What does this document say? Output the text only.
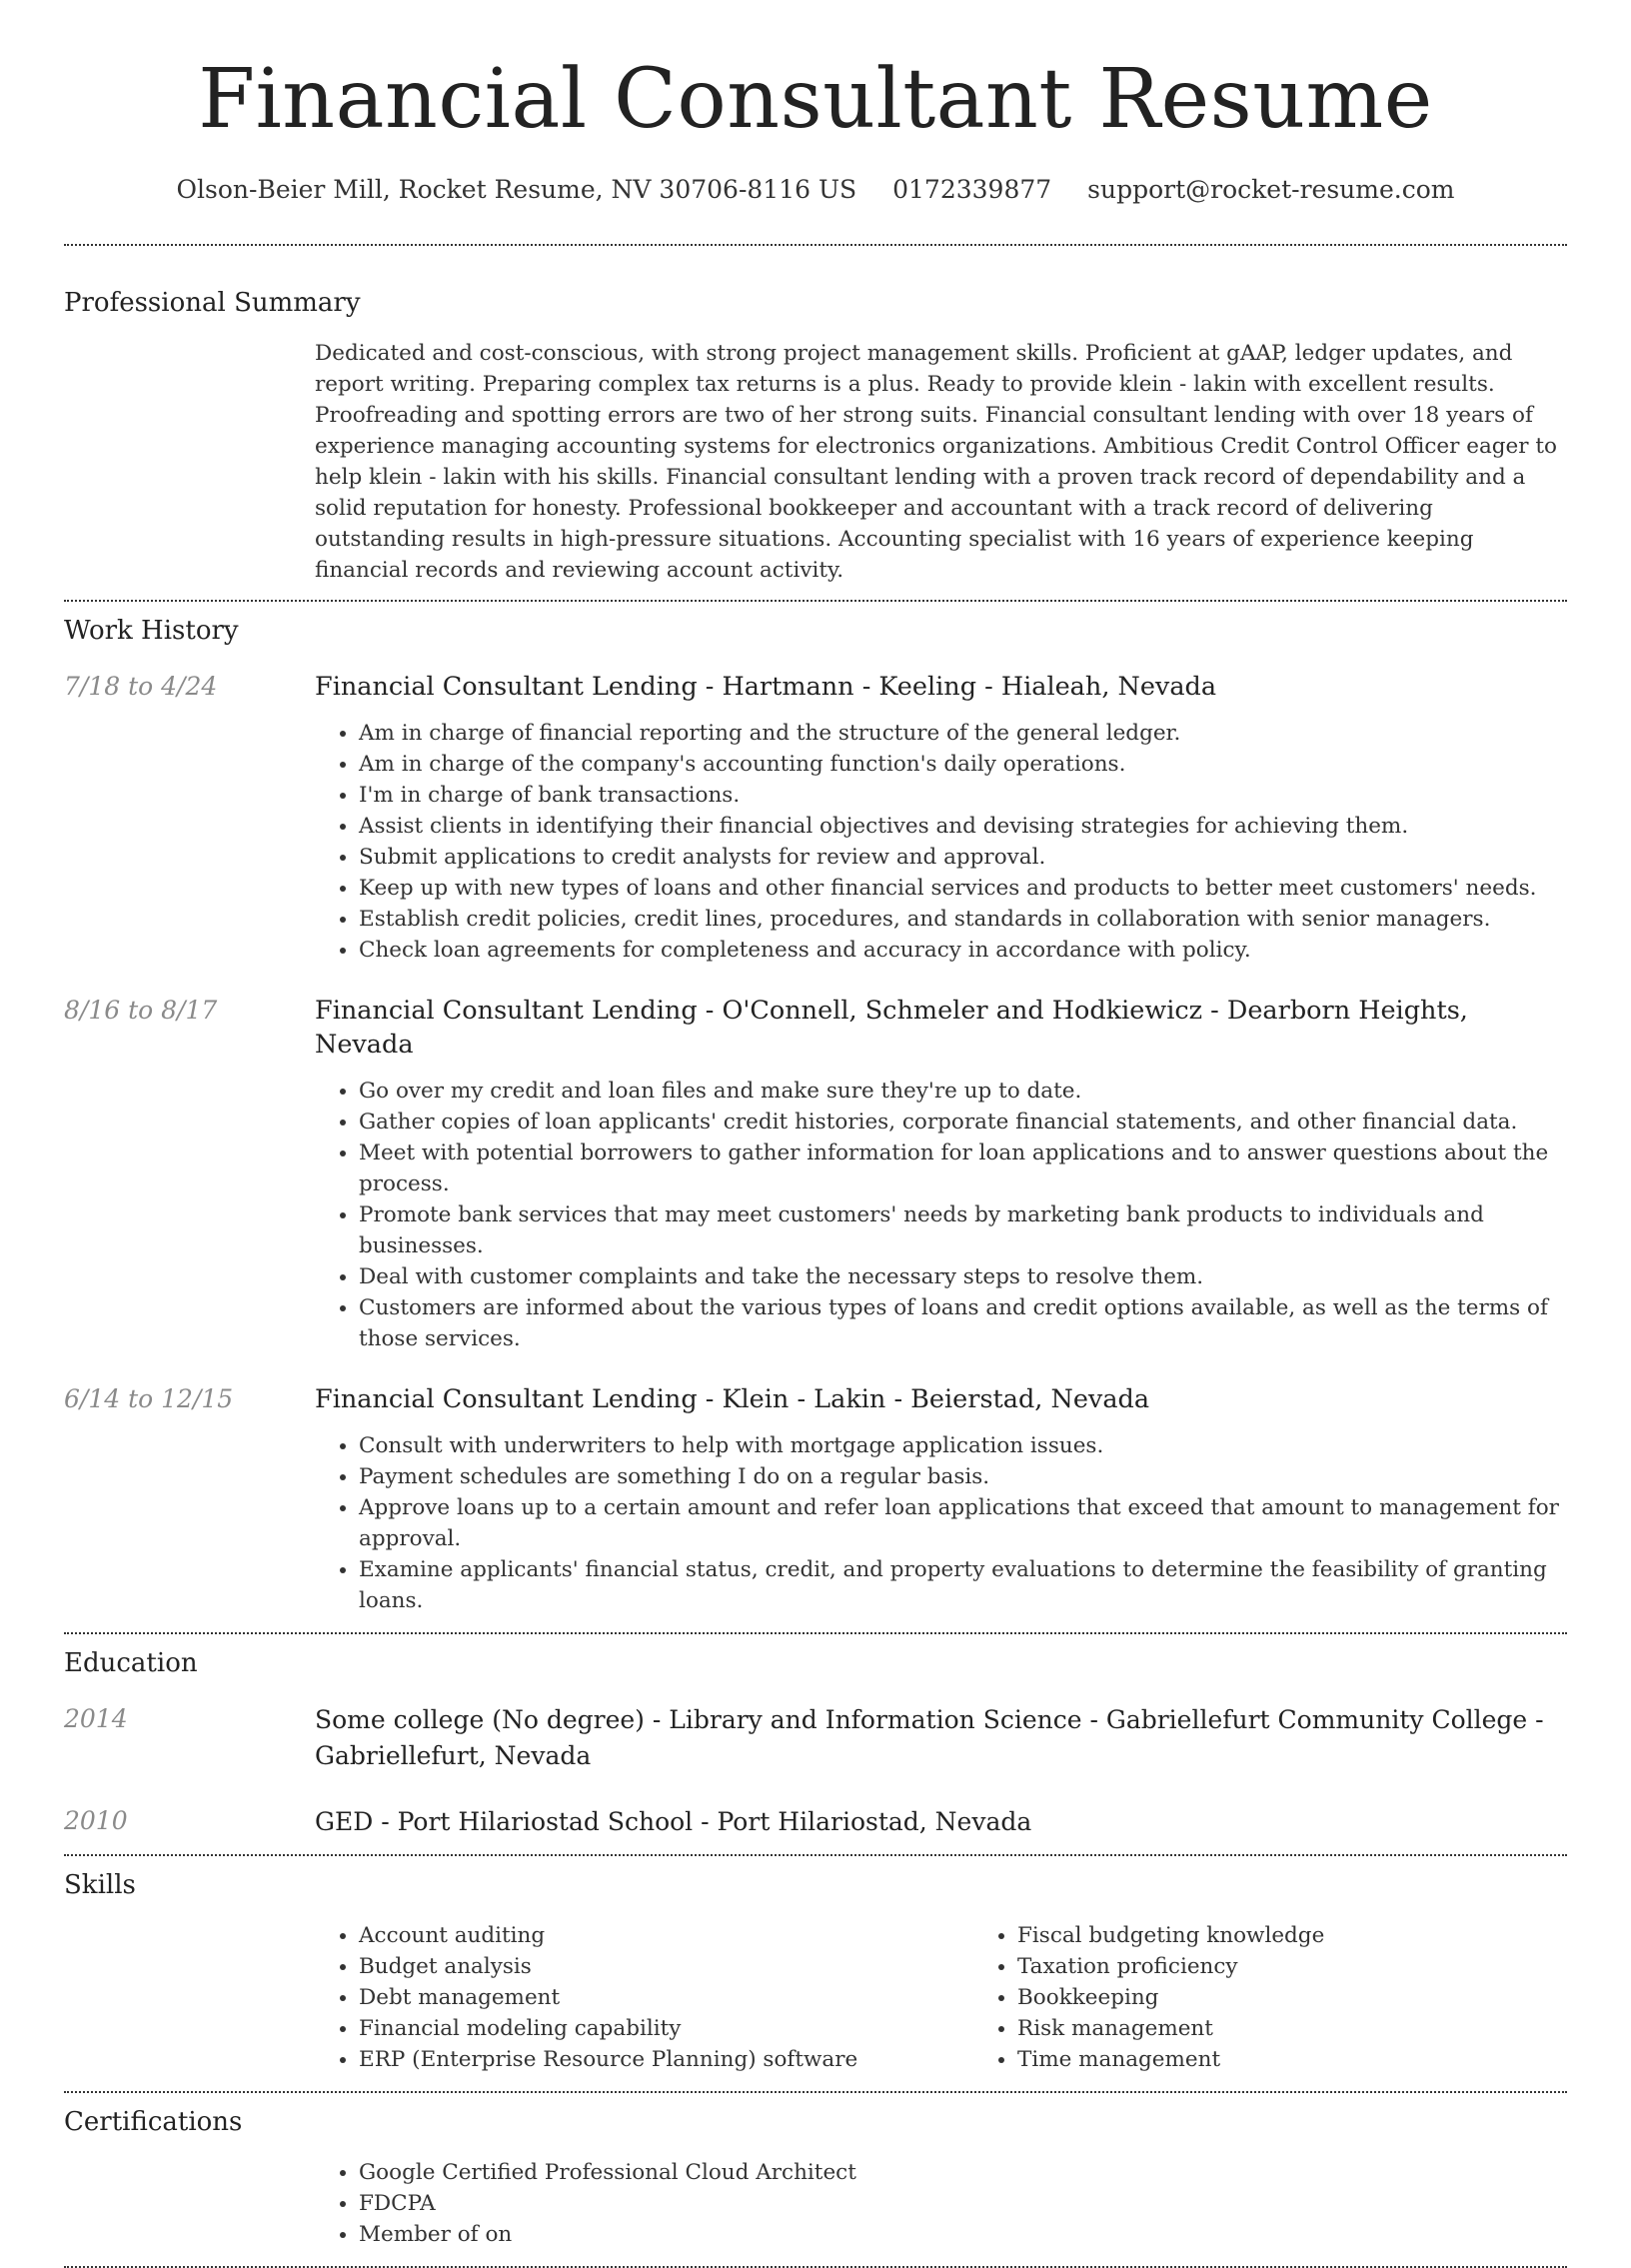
Financial Consultant Resume
Olson-Beier Mill, Rocket Resume, NV 30706-8116 US 0172339877 support@rocket-resume.com
Professional Summary
Dedicated and cost-conscious, with strong project management skills. Proficient at gAAP, ledger updates, and report writing. Preparing complex tax returns is a plus. Ready to provide klein - lakin with excellent results. Proofreading and spotting errors are two of her strong suits. Financial consultant lending with over 18 years of experience managing accounting systems for electronics organizations. Ambitious Credit Control Officer eager to help klein - lakin with his skills. Financial consultant lending with a proven track record of dependability and a solid reputation for honesty. Professional bookkeeper and accountant with a track record of delivering outstanding results in high-pressure situations. Accounting specialist with 16 years of experience keeping financial records and reviewing account activity.
Work History
7/18 to 4/24	Financial Consultant Lending - Hartmann - Keeling - Hialeah, Nevada
• Am in charge of financial reporting and the structure of the general ledger.
• Am in charge of the company's accounting function's daily operations.
• I'm in charge of bank transactions.
• Assist clients in identifying their financial objectives and devising strategies for achieving them.
• Submit applications to credit analysts for review and approval.
• Keep up with new types of loans and other financial services and products to better meet customers' needs.
• Establish credit policies, credit lines, procedures, and standards in collaboration with senior managers.
• Check loan agreements for completeness and accuracy in accordance with policy.
8/16 to 8/17	Financial Consultant Lending - O'Connell, Schmeler and Hodkiewicz - Dearborn Heights, Nevada
• Go over my credit and loan files and make sure they're up to date.
• Gather copies of loan applicants' credit histories, corporate financial statements, and other financial data.
• Meet with potential borrowers to gather information for loan applications and to answer questions about the process.
• Promote bank services that may meet customers' needs by marketing bank products to individuals and businesses.
• Deal with customer complaints and take the necessary steps to resolve them.
• Customers are informed about the various types of loans and credit options available, as well as the terms of those services.
6/14 to 12/15	Financial Consultant Lending - Klein - Lakin - Beierstad, Nevada
• Consult with underwriters to help with mortgage application issues.
• Payment schedules are something I do on a regular basis.
• Approve loans up to a certain amount and refer loan applications that exceed that amount to management for approval.
• Examine applicants' financial status, credit, and property evaluations to determine the feasibility of granting loans.
Education
2014	Some college (No degree) - Library and Information Science - Gabriellefurt Community College - Gabriellefurt, Nevada
2010	GED - Port Hilariostad School - Port Hilariostad, Nevada
Skills
• Account auditing
• Budget analysis
• Debt management
• Financial modeling capability
• ERP (Enterprise Resource Planning) software
• Fiscal budgeting knowledge
• Taxation proficiency
• Bookkeeping
• Risk management
• Time management
Certifications
• Google Certified Professional Cloud Architect
• FDCPA
• Member of on
